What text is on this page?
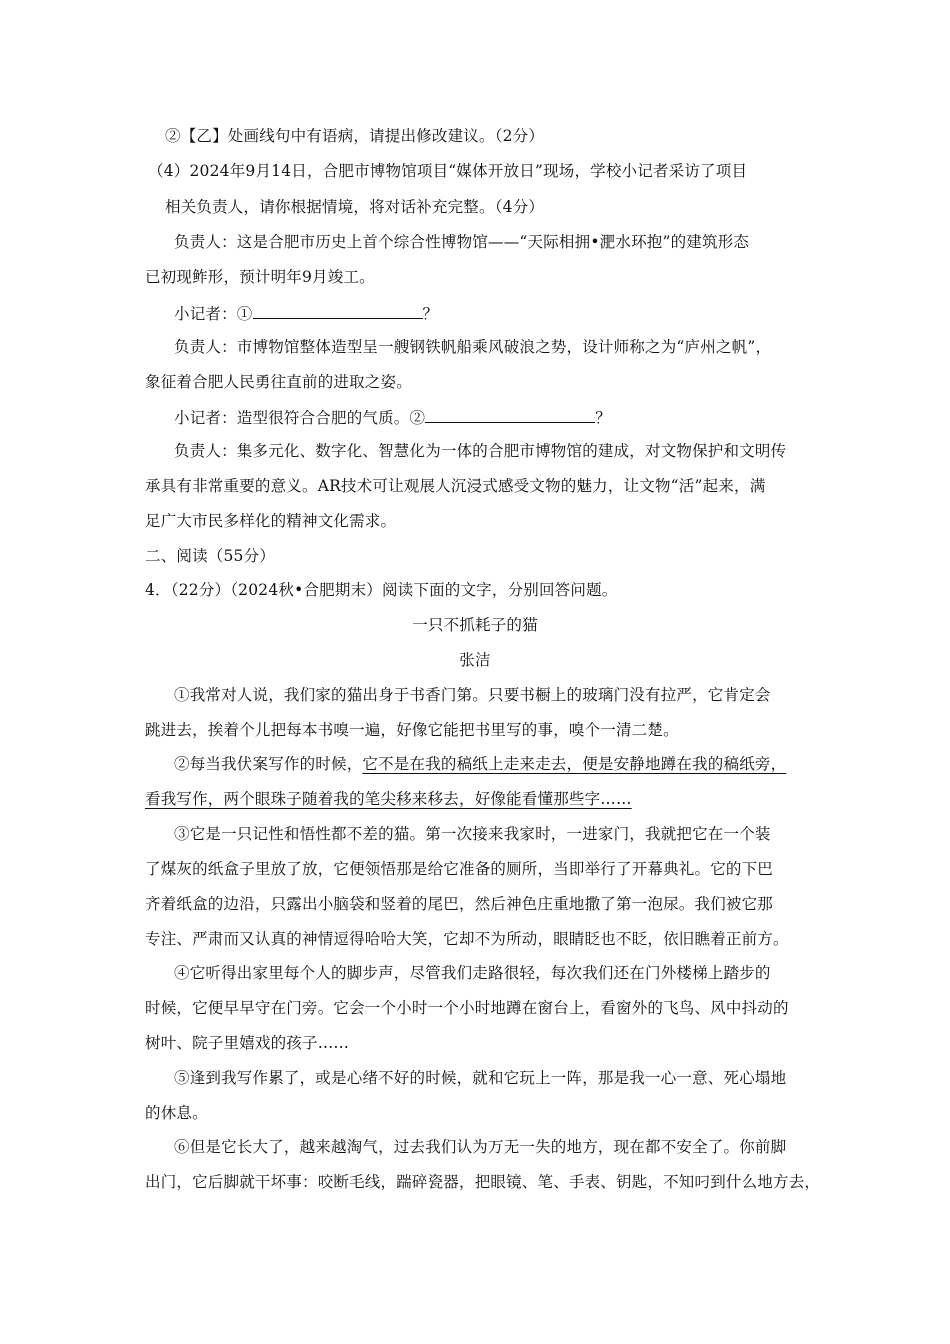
②【乙】处画线句中有语病，请提出修改建议。（2分）
（4）2024年9月14日，合肥市博物馆项目“媒体开放日”现场，学校小记者采访了项目
相关负责人，请你根据情境，将对话补充完整。（4分）
负责人：这是合肥市历史上首个综合性博物馆——“天际相拥•淝水环抱”的建筑形态
已初现鲊形，预计明年9月竣工。
小记者：①	？
负责人：市博物馆整体造型呈一艘钢铁帆船乘风破浪之势，设计师称之为“庐州之帆”，
象征着合肥人民勇往直前的进取之姿。
小记者：造型很符合合肥的气质。②	？
负责人：集多元化、数字化、智慧化为一体的合肥市博物馆的建成，对文物保护和文明传
承具有非常重要的意义。AR技术可让观展人沉浸式感受文物的魅力，让文物“活”起来，满
足广大市民多样化的精神文化需求。
二、阅读（55分）
4．（22分）（2024秋•合肥期末）阅读下面的文字，分别回答问题。
一只不抓耗子的猫
张洁
①我常对人说，我们家的猫出身于书香门第。只要书橱上的玻璃门没有拉严，它肯定会
跳进去，挨着个儿把每本书嗅一遍，好像它能把书里写的事，嗅个一清二楚。
②每当我伏案写作的时候，它不是在我的稿纸上走来走去，便是安静地蹲在我的稿纸旁，
看我写作，两个眼珠子随着我的笔尖移来移去，好像能看懂那些字……
③它是一只记性和悟性都不差的猫。第一次接来我家时，一进家门，我就把它在一个装
了煤灰的纸盒子里放了放，它便领悟那是给它准备的厕所，当即举行了开幕典礼。它的下巴
齐着纸盒的边沿，只露出小脑袋和竖着的尾巴，然后神色庄重地撒了第一泡尿。我们被它那
专注、严肃而又认真的神情逗得哈哈大笑，它却不为所动，眼睛眨也不眨，依旧瞧着正前方。
④它听得出家里每个人的脚步声，尽管我们走路很轻，每次我们还在门外楼梯上踏步的
时候，它便早早守在门旁。它会一个小时一个小时地蹲在窗台上，看窗外的飞鸟、风中抖动的
树叶、院子里嬉戏的孩子……
⑤逢到我写作累了，或是心绪不好的时候，就和它玩上一阵，那是我一心一意、死心塌地
的休息。
⑥但是它长大了，越来越淘气，过去我们认为万无一失的地方，现在都不安全了。你前脚
出门，它后脚就干坏事：咬断毛线，踹碎瓷器，把眼镜、笔、手表、钥匙，不知叼到什么地方去，
